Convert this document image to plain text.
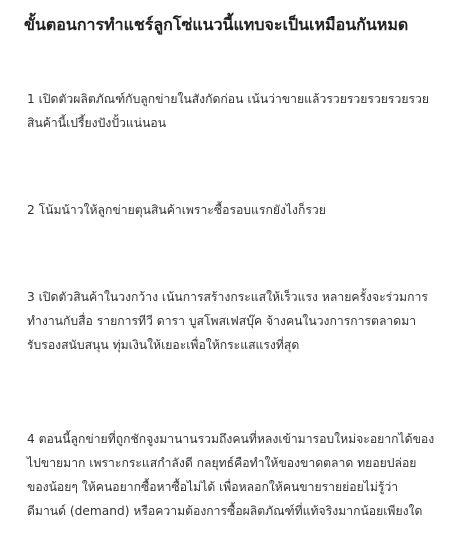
ขั้นตอนการทำแชร์ลูกโซ่แนวนี้แทบจะเป็นเหมือนกันหมด
1 เปิดตัวผลิตภัณฑ์กับลูกข่ายในสังกัดก่อน เน้นว่าขายแล้วรวยรวยรวยรวยรวย
สินค้านี้เปรี้ยงปังปั้วแน่นอน
2 โน้มน้าวให้ลูกข่ายตุนสินค้าเพราะซื้อรอบแรกยังไงก็รวย
3 เปิดตัวสินค้าในวงกว้าง เน้นการสร้างกระแสให้เร็วแรง หลายครั้งจะร่วมการ
ทำงานกับสื่อ รายการทีวี ดารา บูสโพสเฟสบุ๊ค จ้างคนในวงการการตลาดมา
รับรองสนับสนุน ทุ่มเงินให้เยอะเพื่อให้กระแสแรงที่สุด
4 ตอนนี้ลูกข่ายที่ถูกชักจูงมานานรวมถึงคนที่หลงเข้ามารอบใหม่จะอยากได้ของ
ไปขายมาก เพราะกระแสกำลังดี กลยุทธ์คือทำให้ของขาดตลาด ทยอยปล่อย
ของน้อยๆ ให้คนอยากซื้อหาซื้อไม่ได้ เพื่อหลอกให้คนขายรายย่อยไม่รู้ว่า
ดีมานด์ (demand) หรือความต้องการซื้อผลิตภัณฑ์ที่แท้จริงมากน้อยเพียงใด
